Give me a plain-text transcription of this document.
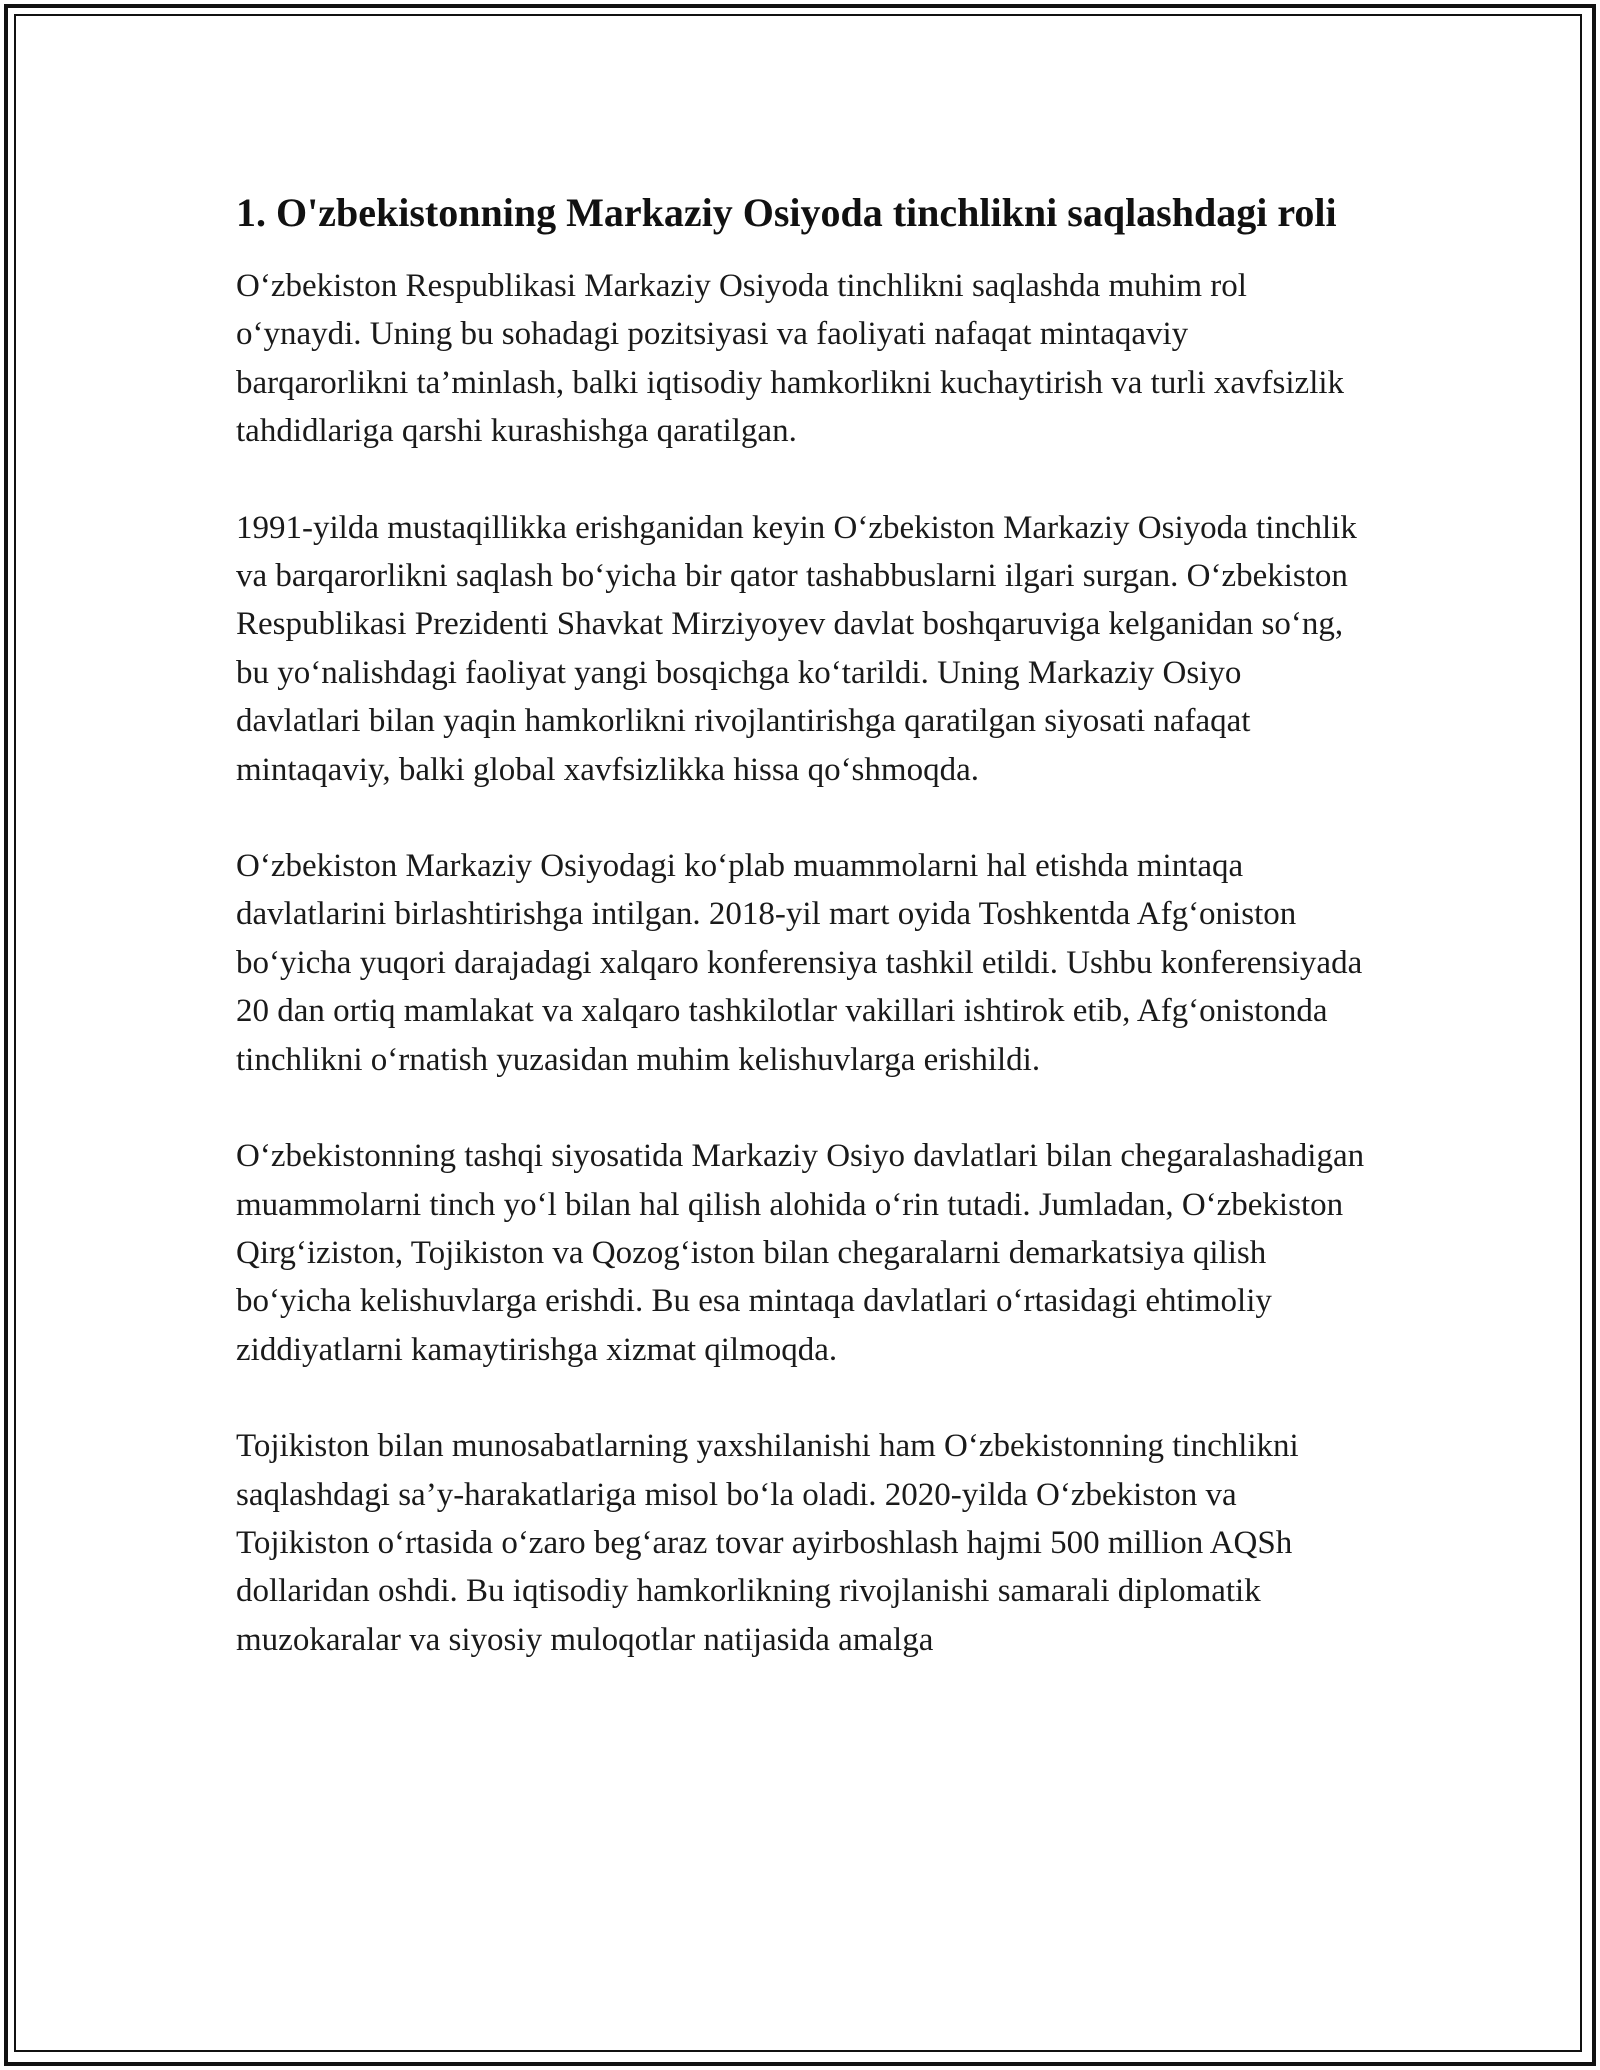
1. O'zbekistonning Markaziy Osiyoda tinchlikni saqlashdagi roli

O‘zbekiston Respublikasi Markaziy Osiyoda tinchlikni saqlashda muhim rol o‘ynaydi. Uning bu sohadagi pozitsiyasi va faoliyati nafaqat mintaqaviy barqarorlikni ta’minlash, balki iqtisodiy hamkorlikni kuchaytirish va turli xavfsizlik tahdidlariga qarshi kurashishga qaratilgan.

1991-yilda mustaqillikka erishganidan keyin O‘zbekiston Markaziy Osiyoda tinchlik va barqarorlikni saqlash bo‘yicha bir qator tashabbuslarni ilgari surgan. O‘zbekiston Respublikasi Prezidenti Shavkat Mirziyoyev davlat boshqaruviga kelganidan so‘ng, bu yo‘nalishdagi faoliyat yangi bosqichga ko‘tarildi. Uning Markaziy Osiyo davlatlari bilan yaqin hamkorlikni rivojlantirishga qaratilgan siyosati nafaqat mintaqaviy, balki global xavfsizlikka hissa qo‘shmoqda.

O‘zbekiston Markaziy Osiyodagi ko‘plab muammolarni hal etishda mintaqa davlatlarini birlashtirishga intilgan. 2018-yil mart oyida Toshkentda Afg‘oniston bo‘yicha yuqori darajadagi xalqaro konferensiya tashkil etildi. Ushbu konferensiyada 20 dan ortiq mamlakat va xalqaro tashkilotlar vakillari ishtirok etib, Afg‘onistonda tinchlikni o‘rnatish yuzasidan muhim kelishuvlarga erishildi.

O‘zbekistonning tashqi siyosatida Markaziy Osiyo davlatlari bilan chegaralashadigan muammolarni tinch yo‘l bilan hal qilish alohida o‘rin tutadi. Jumladan, O‘zbekiston Qirg‘iziston, Tojikiston va Qozog‘iston bilan chegaralarni demarkatsiya qilish bo‘yicha kelishuvlarga erishdi. Bu esa mintaqa davlatlari o‘rtasidagi ehtimoliy ziddiyatlarni kamaytirishga xizmat qilmoqda.

Tojikiston bilan munosabatlarning yaxshilanishi ham O‘zbekistonning tinchlikni saqlashdagi sa’y-harakatlariga misol bo‘la oladi. 2020-yilda O‘zbekiston va Tojikiston o‘rtasida o‘zaro beg‘araz tovar ayirboshlash hajmi 500 million AQSh dollaridan oshdi. Bu iqtisodiy hamkorlikning rivojlanishi samarali diplomatik muzokaralar va siyosiy muloqotlar natijasida amalga
